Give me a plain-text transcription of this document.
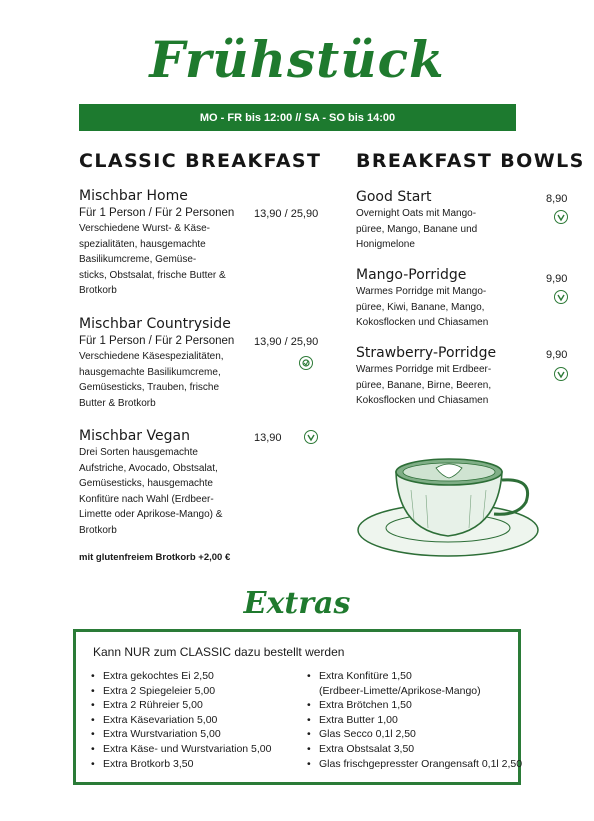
Frühstück
MO - FR bis 12:00 // SA - SO bis 14:00
CLASSIC BREAKFAST BREAKFAST BOWLS
Mischbar Home
Für 1 Person / Für 2 Personen
Verschiedene Wurst- & Käse-
spezialitäten, hausgemachte
Basilikumcreme, Gemüse-
sticks, Obstsalat, frische Butter &
Brotkorb
13,90 / 25,90
Mischbar Countryside
Für 1 Person / Für 2 Personen
Verschiedene Käsespezialitäten,
hausgemachte Basilikumcreme,
Gemüsesticks, Trauben, frische
Butter & Brotkorb
13,90 / 25,90
Mischbar Vegan
Drei Sorten hausgemachte
Aufstriche, Avocado, Obstsalat,
Gemüsesticks, hausgemachte
Konfitüre nach Wahl (Erdbeer-
Limette oder Aprikose-Mango) &
Brotkorb
13,90
mit glutenfreiem Brotkorb +2,00 €
Good Start
Overnight Oats mit Mango-
püree, Mango, Banane und
Honigmelone
8,90
Mango-Porridge
Warmes Porridge mit Mango-
püree, Kiwi, Banane, Mango,
Kokosflocken und Chiasamen
9,90
Strawberry-Porridge
Warmes Porridge mit Erdbeer-
püree, Banane, Birne, Beeren,
Kokosflocken und Chiasamen
9,90
Extras
Kann NUR zum CLASSIC dazu bestellt werden
• Extra gekochtes Ei 2,50
• Extra 2 Spiegeleier 5,00
• Extra 2 Rühreier 5,00
• Extra Käsevariation 5,00
• Extra Wurstvariation 5,00
• Extra Käse- und Wurstvariation 5,00
• Extra Brotkorb 3,50
• Extra Konfitüre 1,50
(Erdbeer-Limette/Aprikose-Mango)
• Extra Brötchen 1,50
• Extra Butter 1,00
• Glas Secco 0,1l 2,50
• Extra Obstsalat 3,50
• Glas frischgepresster Orangensaft 0,1l 2,50
